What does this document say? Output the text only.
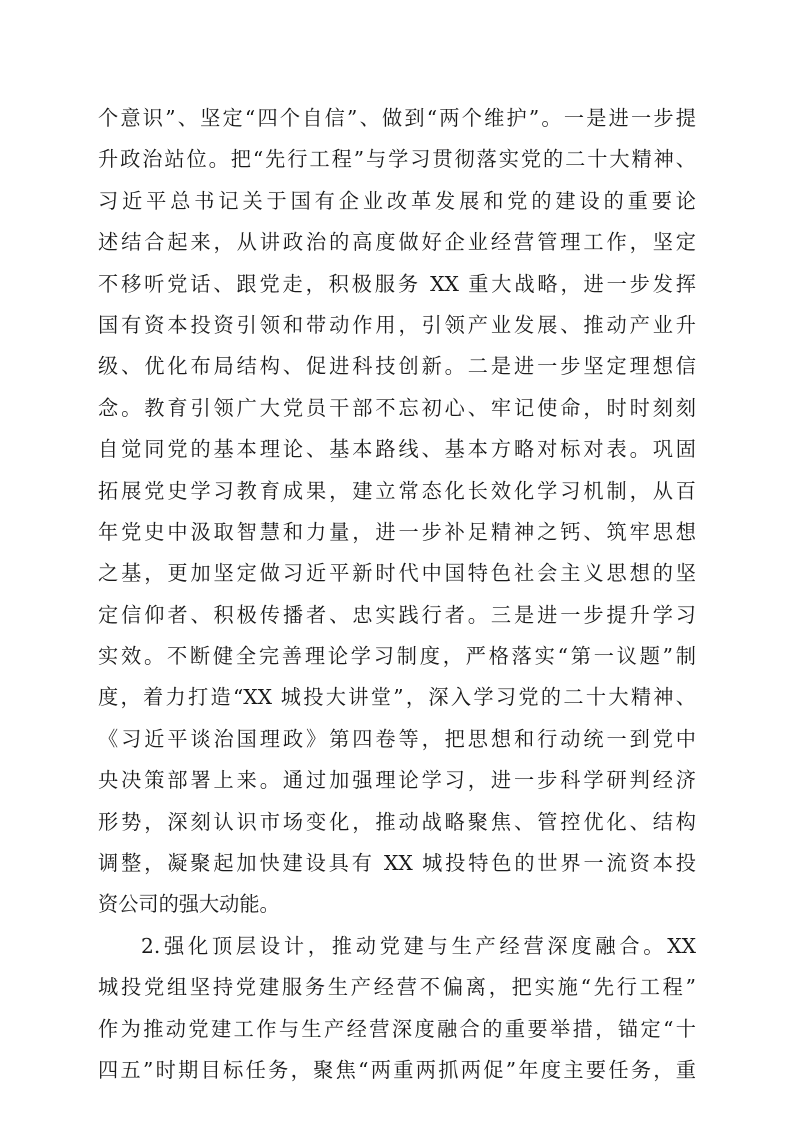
个意识”、坚定“四个自信”、做到“两个维护”。一是进一步提
升政治站位。把“先行工程”与学习贯彻落实党的二十大精神、
习近平总书记关于国有企业改革发展和党的建设的重要论
述结合起来，从讲政治的高度做好企业经营管理工作，坚定
不移听党话、跟党走，积极服务 XX 重大战略，进一步发挥
国有资本投资引领和带动作用，引领产业发展、推动产业升
级、优化布局结构、促进科技创新。二是进一步坚定理想信
念。教育引领广大党员干部不忘初心、牢记使命，时时刻刻
自觉同党的基本理论、基本路线、基本方略对标对表。巩固
拓展党史学习教育成果，建立常态化长效化学习机制，从百
年党史中汲取智慧和力量，进一步补足精神之钙、筑牢思想
之基，更加坚定做习近平新时代中国特色社会主义思想的坚
定信仰者、积极传播者、忠实践行者。三是进一步提升学习
实效。不断健全完善理论学习制度，严格落实“第一议题”制
度，着力打造“XX 城投大讲堂”，深入学习党的二十大精神、
《习近平谈治国理政》第四卷等，把思想和行动统一到党中
央决策部署上来。通过加强理论学习，进一步科学研判经济
形势，深刻认识市场变化，推动战略聚焦、管控优化、结构
调整，凝聚起加快建设具有 XX 城投特色的世界一流资本投
资公司的强大动能。
2.强化顶层设计，推动党建与生产经营深度融合。XX
城投党组坚持党建服务生产经营不偏离，把实施“先行工程”
作为推动党建工作与生产经营深度融合的重要举措，锚定“十
四五”时期目标任务，聚焦“两重两抓两促”年度主要任务，重
